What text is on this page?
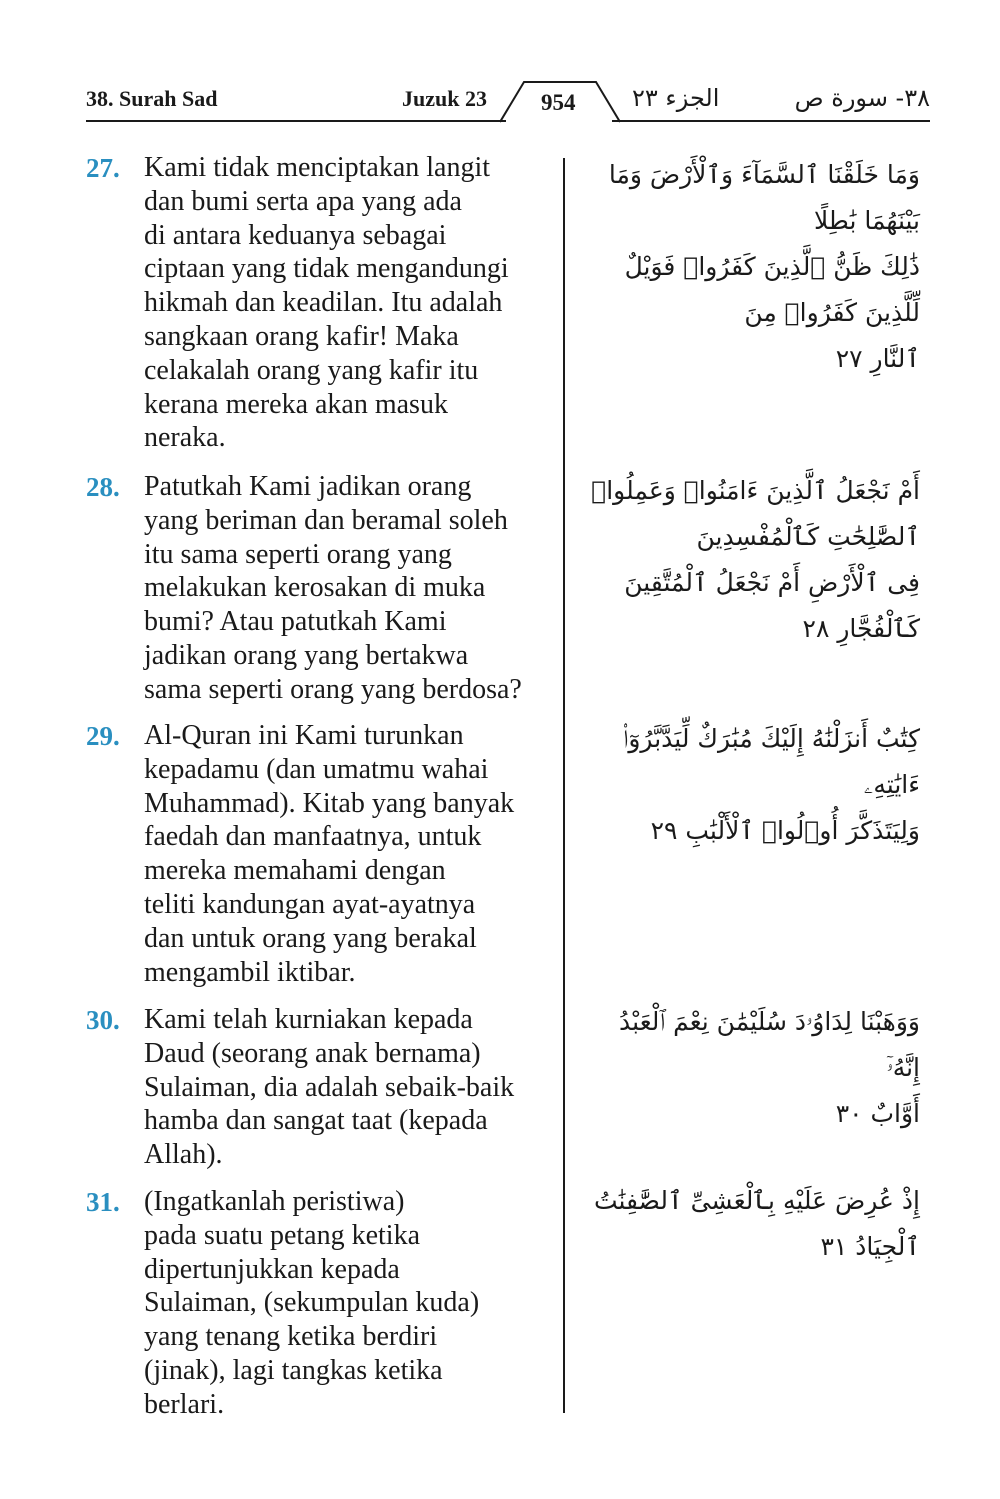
38. Surah Sad	Juzuk 23 954 الجزء ٢٣	٣٨- سورة ص
27. Kami tidak menciptakan langit
dan bumi serta apa yang ada
di antara keduanya sebagai
ciptaan yang tidak mengandungi
hikmah dan keadilan. Itu adalah
sangkaan orang kafir! Maka
celakalah orang yang kafir itu
kerana mereka akan masuk
neraka.
وَمَا خَلَقْنَا ٱلسَّمَآءَ وَٱلْأَرْضَ وَمَا بَيْنَهُمَا بَٰطِلًا
ذَٰلِكَ ظَنُّ ٱلَّذِينَ كَفَرُوا۟ فَوَيْلٌ لِّلَّذِينَ كَفَرُوا۟ مِنَ
ٱلنَّارِ ٢٧
28. Patutkah Kami jadikan orang
yang beriman dan beramal soleh
itu sama seperti orang yang
melakukan kerosakan di muka
bumi? Atau patutkah Kami
jadikan orang yang bertakwa
sama seperti orang yang berdosa?
أَمْ نَجْعَلُ ٱلَّذِينَ ءَامَنُوا۟ وَعَمِلُوا۟ ٱلصَّٰلِحَٰتِ كَٱلْمُفْسِدِينَ
فِى ٱلْأَرْضِ أَمْ نَجْعَلُ ٱلْمُتَّقِينَ كَٱلْفُجَّارِ ٢٨
29. Al-Quran ini Kami turunkan
kepadamu (dan umatmu wahai
Muhammad). Kitab yang banyak
faedah dan manfaatnya, untuk
mereka memahami dengan
teliti kandungan ayat-ayatnya
dan untuk orang yang berakal
mengambil iktibar.
كِتَٰبٌ أَنزَلْنَٰهُ إِلَيْكَ مُبَٰرَكٌ لِّيَدَّبَّرُوٓا۟ ءَايَٰتِهِۦ
وَلِيَتَذَكَّرَ أُو۟لُوا۟ ٱلْأَلْبَٰبِ ٢٩
30. Kami telah kurniakan kepada
Daud (seorang anak bernama)
Sulaiman, dia adalah sebaik-baik
hamba dan sangat taat (kepada
Allah).
وَوَهَبْنَا لِدَاوُۥدَ سُلَيْمَٰنَ نِعْمَ ٱلْعَبْدُ إِنَّهُۥٓ
أَوَّابٌ ٣٠
31. (Ingatkanlah peristiwa)
pada suatu petang ketika
dipertunjukkan kepada
Sulaiman, (sekumpulan kuda)
yang tenang ketika berdiri
(jinak), lagi tangkas ketika
berlari.
إِذْ عُرِضَ عَلَيْهِ بِٱلْعَشِىِّ ٱلصَّٰفِنَٰتُ ٱلْجِيَادُ ٣١
